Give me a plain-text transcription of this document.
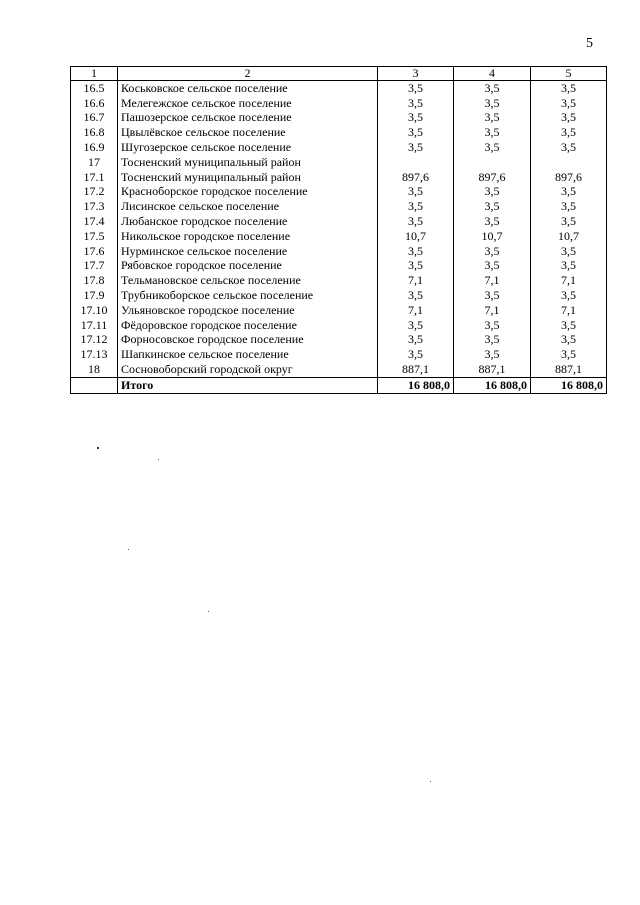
5
1	2	3	4	5
16.5	Коськовское сельское поселение	3,5	3,5	3,5
16.6	Мелегежское сельское поселение	3,5	3,5	3,5
16.7	Пашозерское сельское поселение	3,5	3,5	3,5
16.8	Цвылёвское сельское поселение	3,5	3,5	3,5
16.9	Шугозерское сельское поселение	3,5	3,5	3,5
17	Тосненский муниципальный район			
17.1	Тосненский муниципальный район	897,6	897,6	897,6
17.2	Красноборское городское поселение	3,5	3,5	3,5
17.3	Лисинское сельское поселение	3,5	3,5	3,5
17.4	Любанское городское поселение	3,5	3,5	3,5
17.5	Никольское городское поселение	10,7	10,7	10,7
17.6	Нурминское сельское поселение	3,5	3,5	3,5
17.7	Рябовское городское поселение	3,5	3,5	3,5
17.8	Тельмановское сельское поселение	7,1	7,1	7,1
17.9	Трубникоборское сельское поселение	3,5	3,5	3,5
17.10	Ульяновское городское поселение	7,1	7,1	7,1
17.11	Фёдоровское городское поселение	3,5	3,5	3,5
17.12	Форносовское городское поселение	3,5	3,5	3,5
17.13	Шапкинское сельское поселение	3,5	3,5	3,5
18	Сосновоборский городской округ	887,1	887,1	887,1
	Итого	16 808,0	16 808,0	16 808,0
